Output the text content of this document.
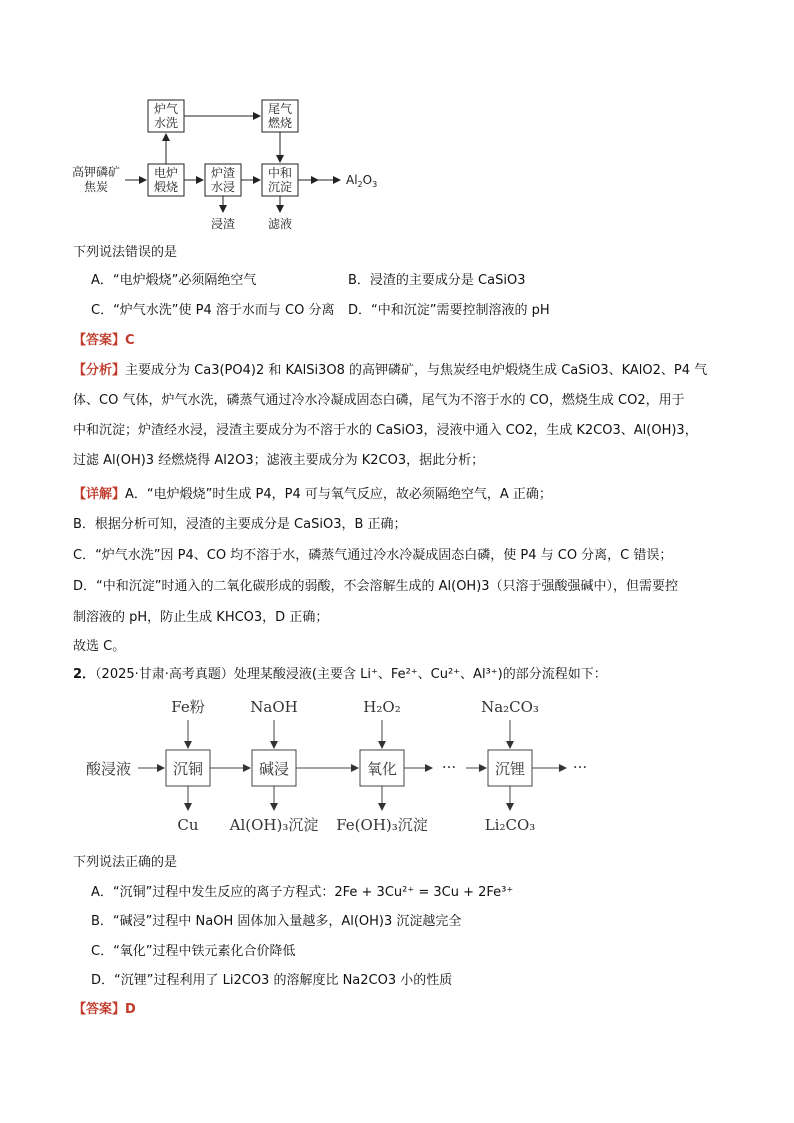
高钾磷矿
焦炭
炉气
水洗
尾气
燃烧
电炉
煅烧
炉渣
水浸
中和
沉淀
浸渣	滤液
$Al_2O_3$
下列说法错误的是
A．“电炉煅烧”必须隔绝空气	B．浸渣的主要成分是 CaSiO3
C．“炉气水洗”使 P4 溶于水而与 CO 分离 D．“中和沉淀”需要控制溶液的 pH
【答案】C
【分析】主要成分为 Ca3(PO4)2 和 KAlSi3O8 的高钾磷矿，与焦炭经电炉煅烧生成 CaSiO3、KAlO2、P4 气
体、CO 气体，炉气水洗，磷蒸气通过冷水冷凝成固态白磷，尾气为不溶于水的 CO，燃烧生成 CO2，用于
中和沉淀；炉渣经水浸，浸渣主要成分为不溶于水的 CaSiO3，浸液中通入 CO2，生成 K2CO3、Al(OH)3，
过滤 Al(OH)3 经燃烧得 Al2O3；滤液主要成分为 K2CO3，据此分析；
【详解】A．“电炉煅烧”时生成 P4，P4 可与氧气反应，故必须隔绝空气，A 正确；
B．根据分析可知，浸渣的主要成分是 CaSiO3，B 正确；
C．“炉气水洗”因 P4、CO 均不溶于水，磷蒸气通过冷水冷凝成固态白磷，使 P4 与 CO 分离，C 错误；
D．“中和沉淀”时通入的二氧化碳形成的弱酸，不会溶解生成的 Al(OH)3（只溶于强酸强碱中），但需要控
制溶液的 pH，防止生成 KHCO3，D 正确；
故选 C。
2．（2025·甘肃·高考真题）处理某酸浸液(主要含 Li⁺、Fe²⁺、Cu²⁺、Al³⁺)的部分流程如下：
酸浸液
Fe粉	NaOH	H₂O₂	Na₂CO₃
沉铜	碱浸	氧化	沉锂
Cu Al(OH)₃沉淀 Fe(OH)₃沉淀	Li₂CO₃
···	···
下列说法正确的是
A．“沉铜”过程中发生反应的离子方程式：2Fe + 3Cu²⁺ = 3Cu + 2Fe³⁺
B．“碱浸”过程中 NaOH 固体加入量越多，Al(OH)3 沉淀越完全
C．“氧化”过程中铁元素化合价降低
D．“沉锂”过程利用了 Li2CO3 的溶解度比 Na2CO3 小的性质
【答案】D
